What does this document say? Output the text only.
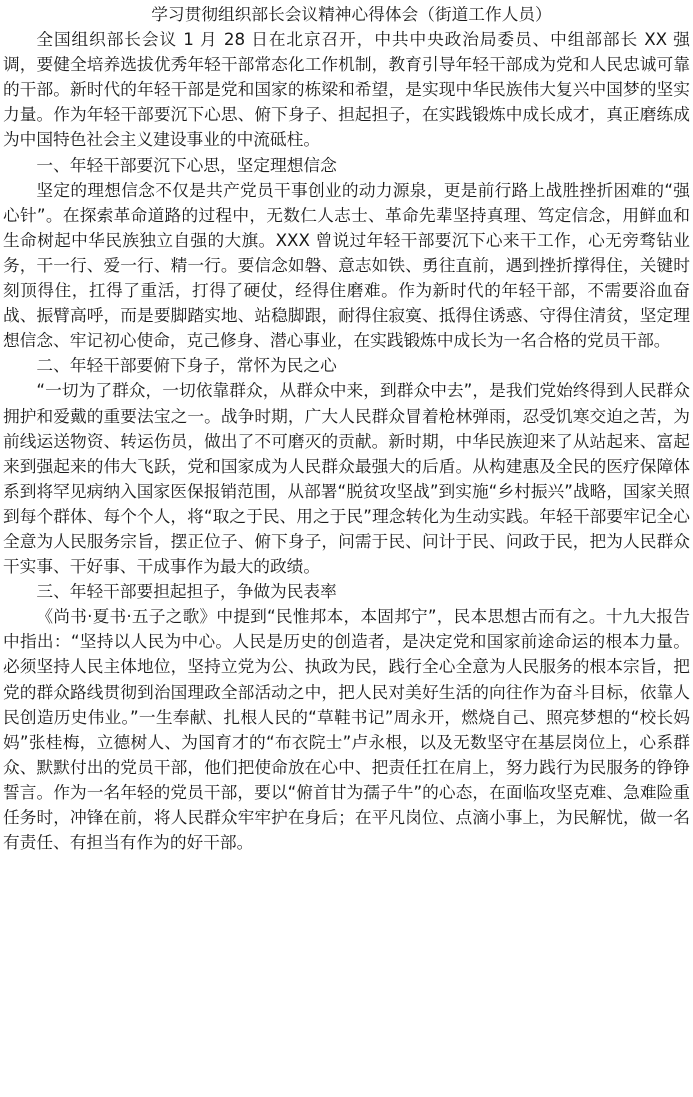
学习贯彻组织部长会议精神心得体会（街道工作人员）

全国组织部长会议 1 月 28 日在北京召开，中共中央政治局委员、中组部部长 XX 强调，要健全培养选拔优秀年轻干部常态化工作机制，教育引导年轻干部成为党和人民忠诚可靠的干部。新时代的年轻干部是党和国家的栋梁和希望，是实现中华民族伟大复兴中国梦的坚实力量。作为年轻干部要沉下心思、俯下身子、担起担子，在实践锻炼中成长成才，真正磨练成为中国特色社会主义建设事业的中流砥柱。

一、年轻干部要沉下心思，坚定理想信念

坚定的理想信念不仅是共产党员干事创业的动力源泉，更是前行路上战胜挫折困难的“强心针”。在探索革命道路的过程中，无数仁人志士、革命先辈坚持真理、笃定信念，用鲜血和生命树起中华民族独立自强的大旗。XXX 曾说过年轻干部要沉下心来干工作，心无旁骛钻业务，干一行、爱一行、精一行。要信念如磐、意志如铁、勇往直前，遇到挫折撑得住，关键时刻顶得住，扛得了重活，打得了硬仗，经得住磨难。作为新时代的年轻干部，不需要浴血奋战、振臂高呼，而是要脚踏实地、站稳脚跟，耐得住寂寞、抵得住诱惑、守得住清贫，坚定理想信念、牢记初心使命，克己修身、潜心事业，在实践锻炼中成长为一名合格的党员干部。

二、年轻干部要俯下身子，常怀为民之心

“一切为了群众，一切依靠群众，从群众中来，到群众中去”，是我们党始终得到人民群众拥护和爱戴的重要法宝之一。战争时期，广大人民群众冒着枪林弹雨，忍受饥寒交迫之苦，为前线运送物资、转运伤员，做出了不可磨灭的贡献。新时期，中华民族迎来了从站起来、富起来到强起来的伟大飞跃，党和国家成为人民群众最强大的后盾。从构建惠及全民的医疗保障体系到将罕见病纳入国家医保报销范围，从部署“脱贫攻坚战”到实施“乡村振兴”战略，国家关照到每个群体、每个个人，将“取之于民、用之于民”理念转化为生动实践。年轻干部要牢记全心全意为人民服务宗旨，摆正位子、俯下身子，问需于民、问计于民、问政于民，把为人民群众干实事、干好事、干成事作为最大的政绩。

三、年轻干部要担起担子，争做为民表率

《尚书·夏书·五子之歌》中提到“民惟邦本，本固邦宁”，民本思想古而有之。十九大报告中指出：“坚持以人民为中心。人民是历史的创造者，是决定党和国家前途命运的根本力量。必须坚持人民主体地位，坚持立党为公、执政为民，践行全心全意为人民服务的根本宗旨，把党的群众路线贯彻到治国理政全部活动之中，把人民对美好生活的向往作为奋斗目标，依靠人民创造历史伟业。”一生奉献、扎根人民的“草鞋书记”周永开，燃烧自己、照亮梦想的“校长妈妈”张桂梅，立德树人、为国育才的“布衣院士”卢永根，以及无数坚守在基层岗位上，心系群众、默默付出的党员干部，他们把使命放在心中、把责任扛在肩上，努力践行为民服务的铮铮誓言。作为一名年轻的党员干部，要以“俯首甘为孺子牛”的心态，在面临攻坚克难、急难险重任务时，冲锋在前，将人民群众牢牢护在身后；在平凡岗位、点滴小事上，为民解忧，做一名有责任、有担当有作为的好干部。
